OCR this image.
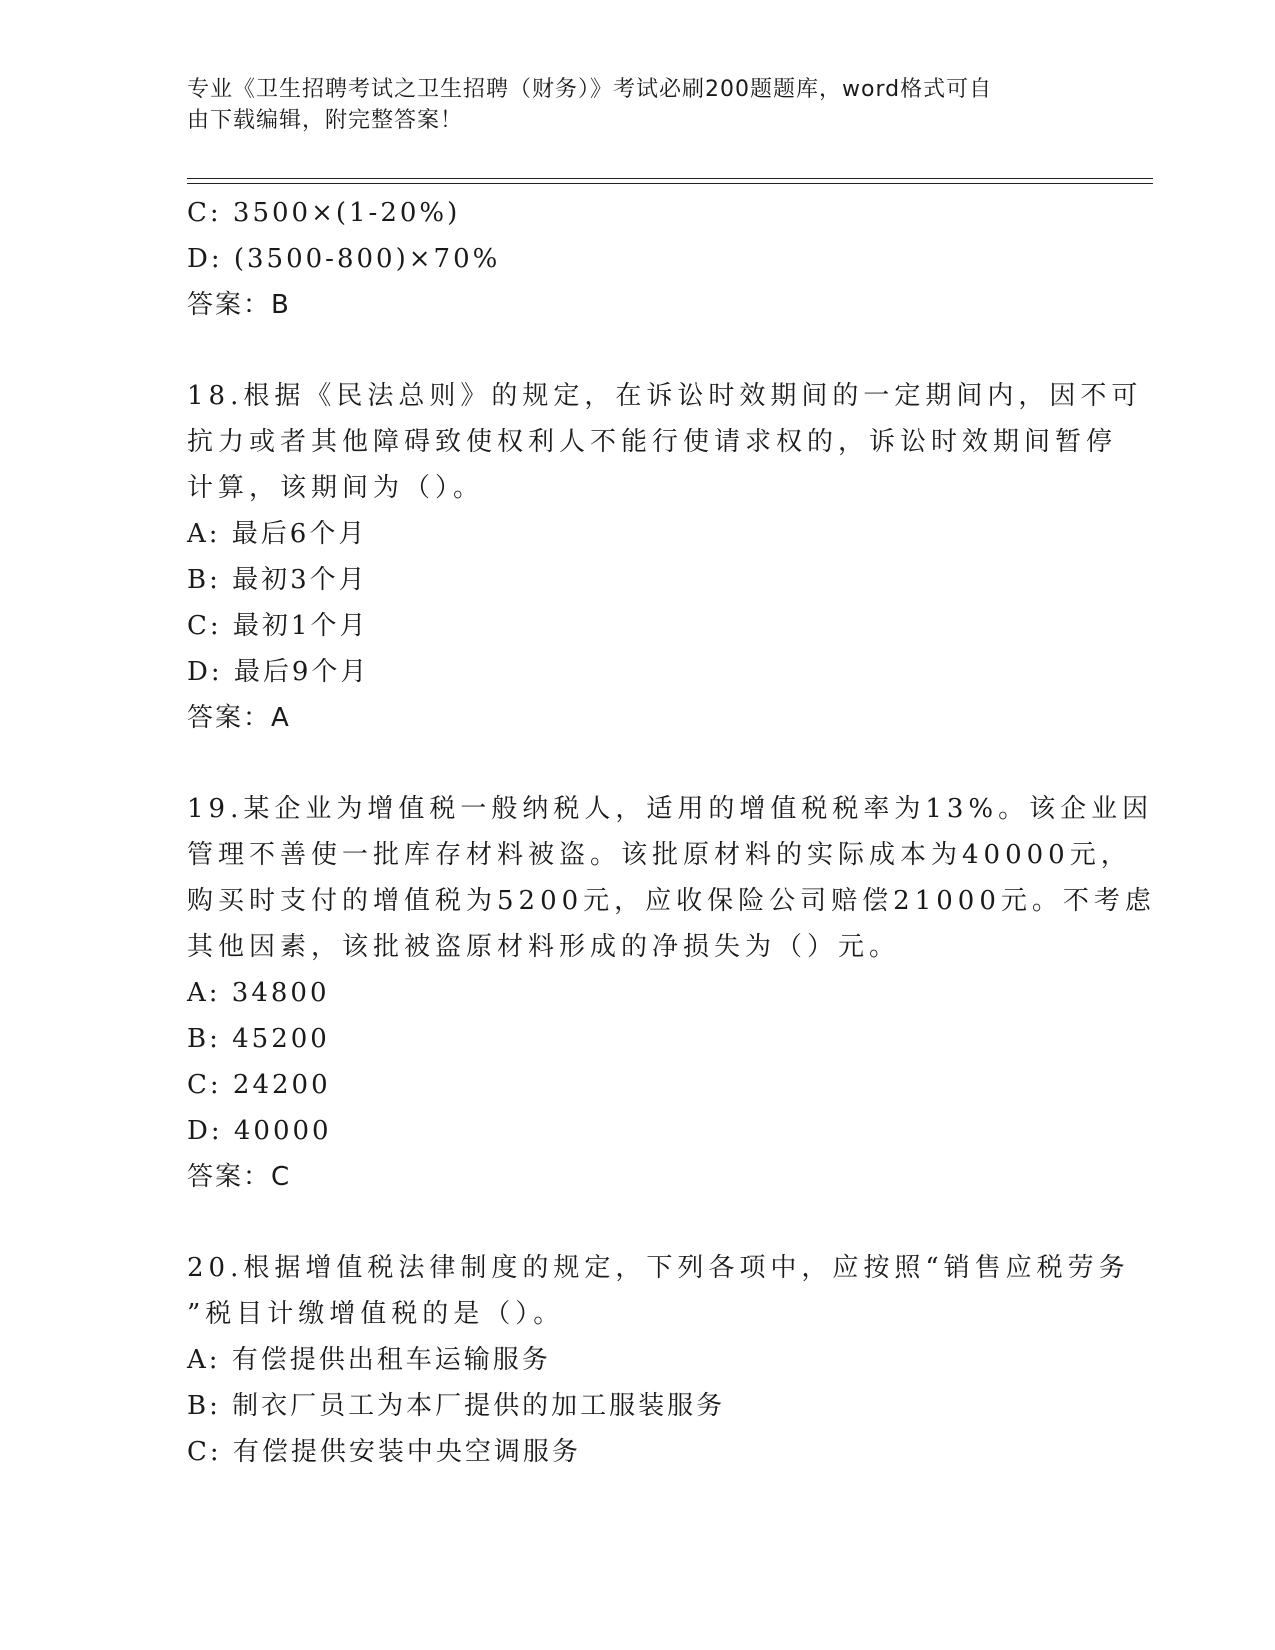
专业《卫生招聘考试之卫生招聘（财务）》考试必刷200题题库，word格式可自
由下载编辑，附完整答案！
C: 3500×(1-20%)
D: (3500-800)×70%
答案：B
18.根据《民法总则》的规定，在诉讼时效期间的一定期间内，因不可
抗力或者其他障碍致使权利人不能行使请求权的，诉讼时效期间暂停
计算，该期间为（）。
A: 最后6个月
B: 最初3个月
C: 最初1个月
D: 最后9个月
答案：A
19.某企业为增值税一般纳税人，适用的增值税税率为13%。该企业因
管理不善使一批库存材料被盗。该批原材料的实际成本为40000元，
购买时支付的增值税为5200元，应收保险公司赔偿21000元。不考虑
其他因素，该批被盗原材料形成的净损失为（）元。
A: 34800
B: 45200
C: 24200
D: 40000
答案：C
20.根据增值税法律制度的规定，下列各项中，应按照“销售应税劳务
”税目计缴增值税的是（）。
A: 有偿提供出租车运输服务
B: 制衣厂员工为本厂提供的加工服装服务
C: 有偿提供安装中央空调服务
